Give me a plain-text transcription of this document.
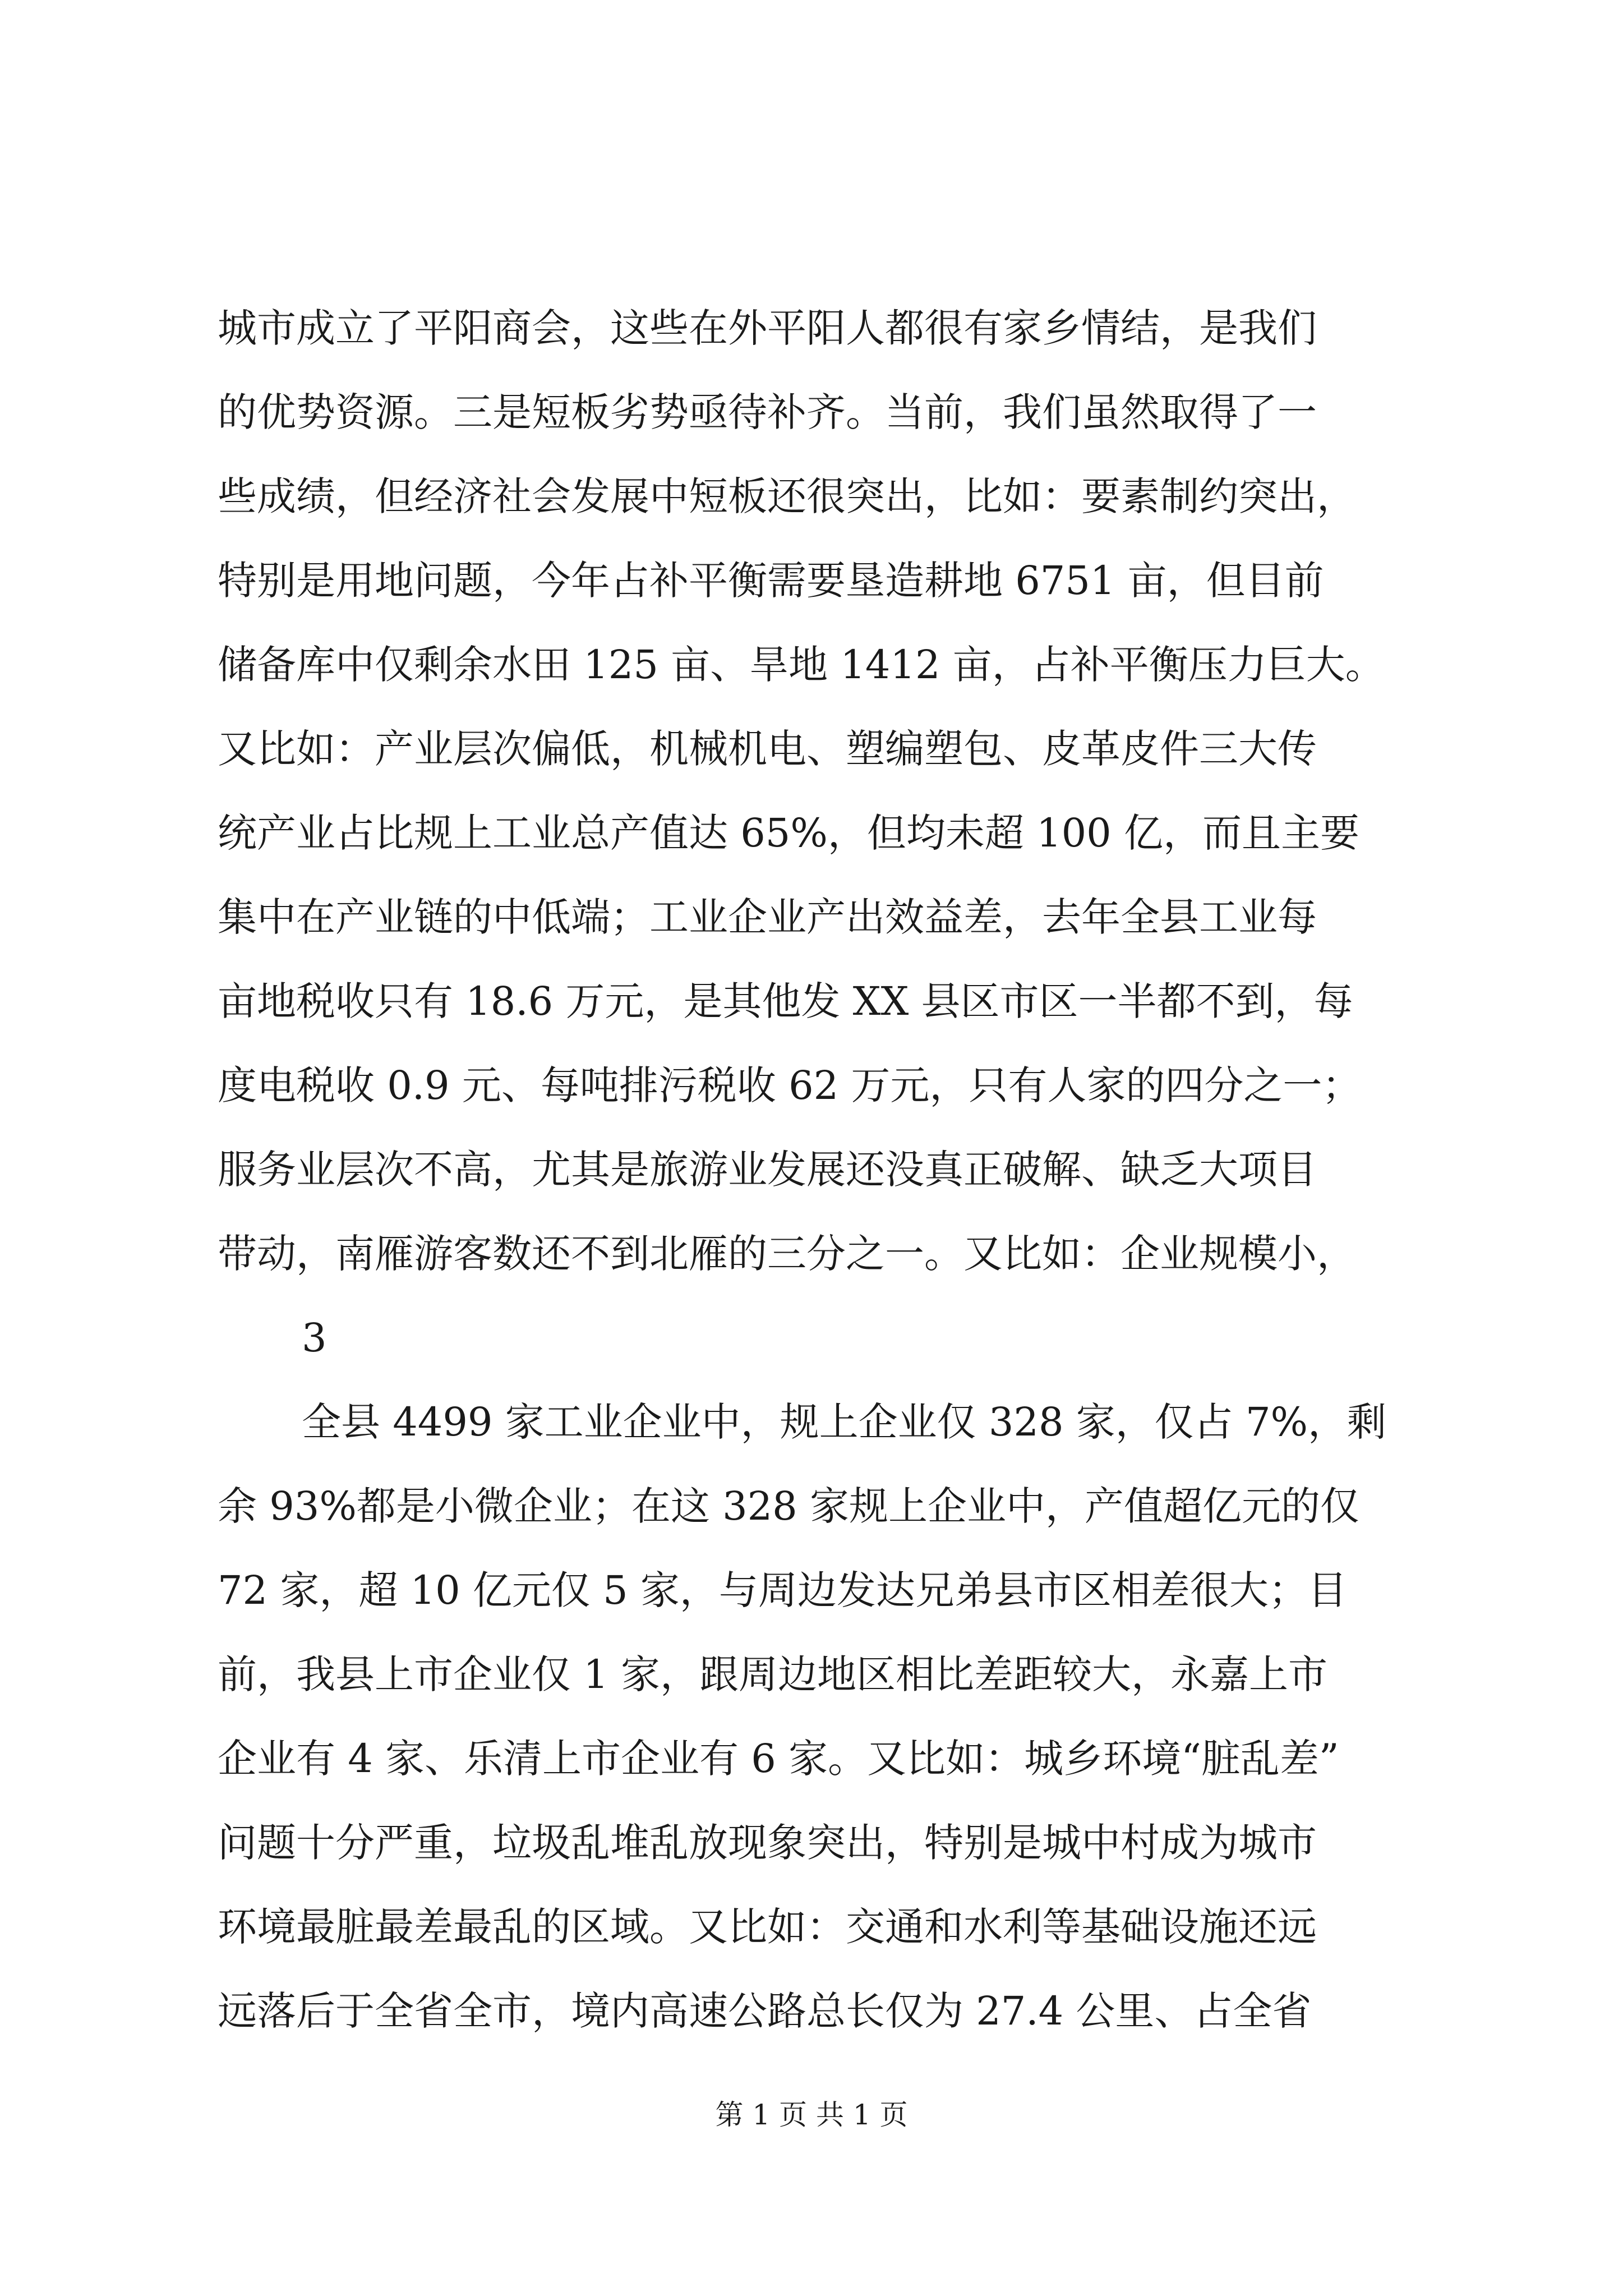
城市成立了平阳商会，这些在外平阳人都很有家乡情结，是我们
的优势资源。三是短板劣势亟待补齐。当前，我们虽然取得了一
些成绩，但经济社会发展中短板还很突出，比如：要素制约突出，
特别是用地问题，今年占补平衡需要垦造耕地 6751 亩，但目前
储备库中仅剩余水田 125 亩、旱地 1412 亩，占补平衡压力巨大。
又比如：产业层次偏低，机械机电、塑编塑包、皮革皮件三大传
统产业占比规上工业总产值达 65%，但均未超 100 亿，而且主要
集中在产业链的中低端；工业企业产出效益差，去年全县工业每
亩地税收只有 18.6 万元，是其他发 XX 县区市区一半都不到，每
度电税收 0.9 元、每吨排污税收 62 万元，只有人家的四分之一；
服务业层次不高，尤其是旅游业发展还没真正破解、缺乏大项目
带动，南雁游客数还不到北雁的三分之一。又比如：企业规模小，
3
全县 4499 家工业企业中，规上企业仅 328 家，仅占 7%，剩
余 93%都是小微企业；在这 328 家规上企业中，产值超亿元的仅
72 家，超 10 亿元仅 5 家，与周边发达兄弟县市区相差很大；目
前，我县上市企业仅 1 家，跟周边地区相比差距较大，永嘉上市
企业有 4 家、乐清上市企业有 6 家。又比如：城乡环境“脏乱差”
问题十分严重，垃圾乱堆乱放现象突出，特别是城中村成为城市
环境最脏最差最乱的区域。又比如：交通和水利等基础设施还远
远落后于全省全市，境内高速公路总长仅为 27.4 公里、占全省
第 1 页 共 1 页
